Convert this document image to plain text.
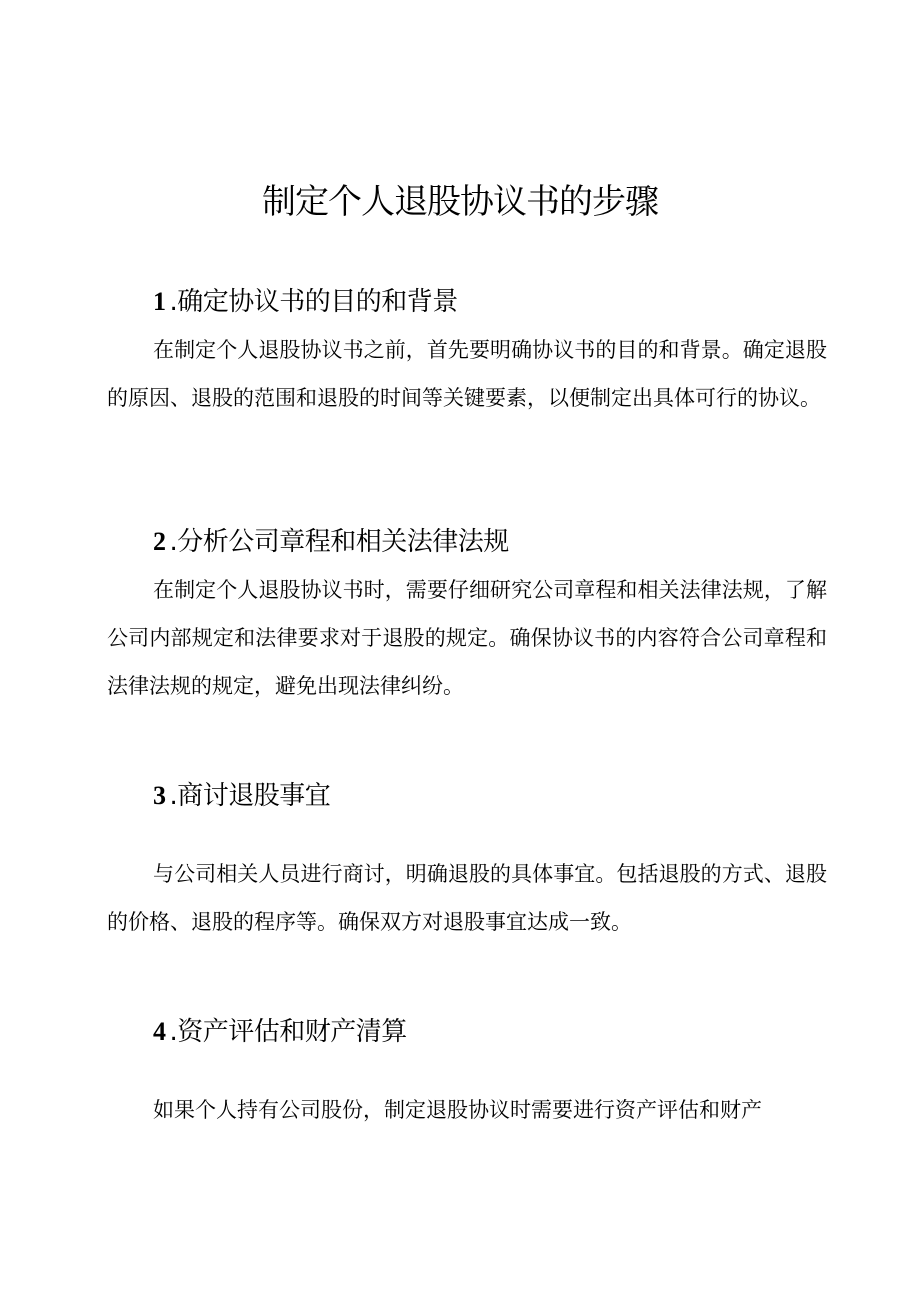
制定个人退股协议书的步骤
1 .确定协议书的目的和背景

在制定个人退股协议书之前，首先要明确协议书的目的和背景。确定退股的原因、退股的范围和退股的时间等关键要素，以便制定出具体可行的协议。

2 .分析公司章程和相关法律法规

在制定个人退股协议书时，需要仔细研究公司章程和相关法律法规，了解公司内部规定和法律要求对于退股的规定。确保协议书的内容符合公司章程和法律法规的规定，避免出现法律纠纷。

3 .商讨退股事宜

与公司相关人员进行商讨，明确退股的具体事宜。包括退股的方式、退股的价格、退股的程序等。确保双方对退股事宜达成一致。

4 .资产评估和财产清算

如果个人持有公司股份，制定退股协议时需要进行资产评估和财产
